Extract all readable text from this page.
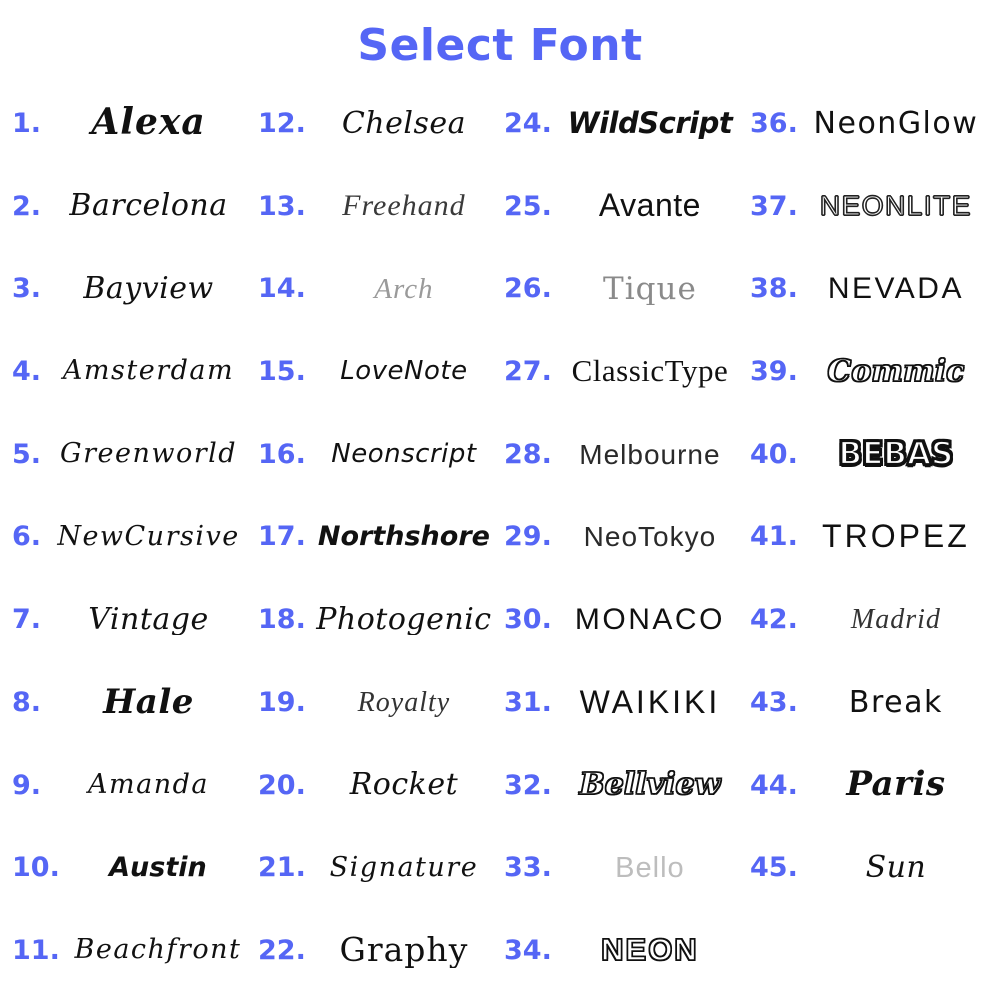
Select Font
1.	Alexa	12.	Chelsea	24. WildScript 36. NeonGlow
2. Barcelona	13.	Freehand	25.	Avante	37. NEONLITE
3.	Bayview	14.	Arch	26.	Tique	38.	NEVADA
4. Amsterdam 15.	LoveNote	27. ClassicType 39. Commic
5. Greenworld 16. Neonscript	28. Melbourne	40.	BEBAS
6. NewCursive 17. Northshore 29.	NeoTokyo	41. TROPEZ
7.	Vintage	18. Photogenic 30. MONACO 42.	Madrid
8.	Hale	19.	Royalty	31. WAIKIKI	43.	Break
9.	Amanda	20.	Rocket	32. Bellview	44.	Paris
10.	Austin	21. Signature 33.	Bello	45.	Sun
11. Beachfront 22.	Graphy	34.	NEON
